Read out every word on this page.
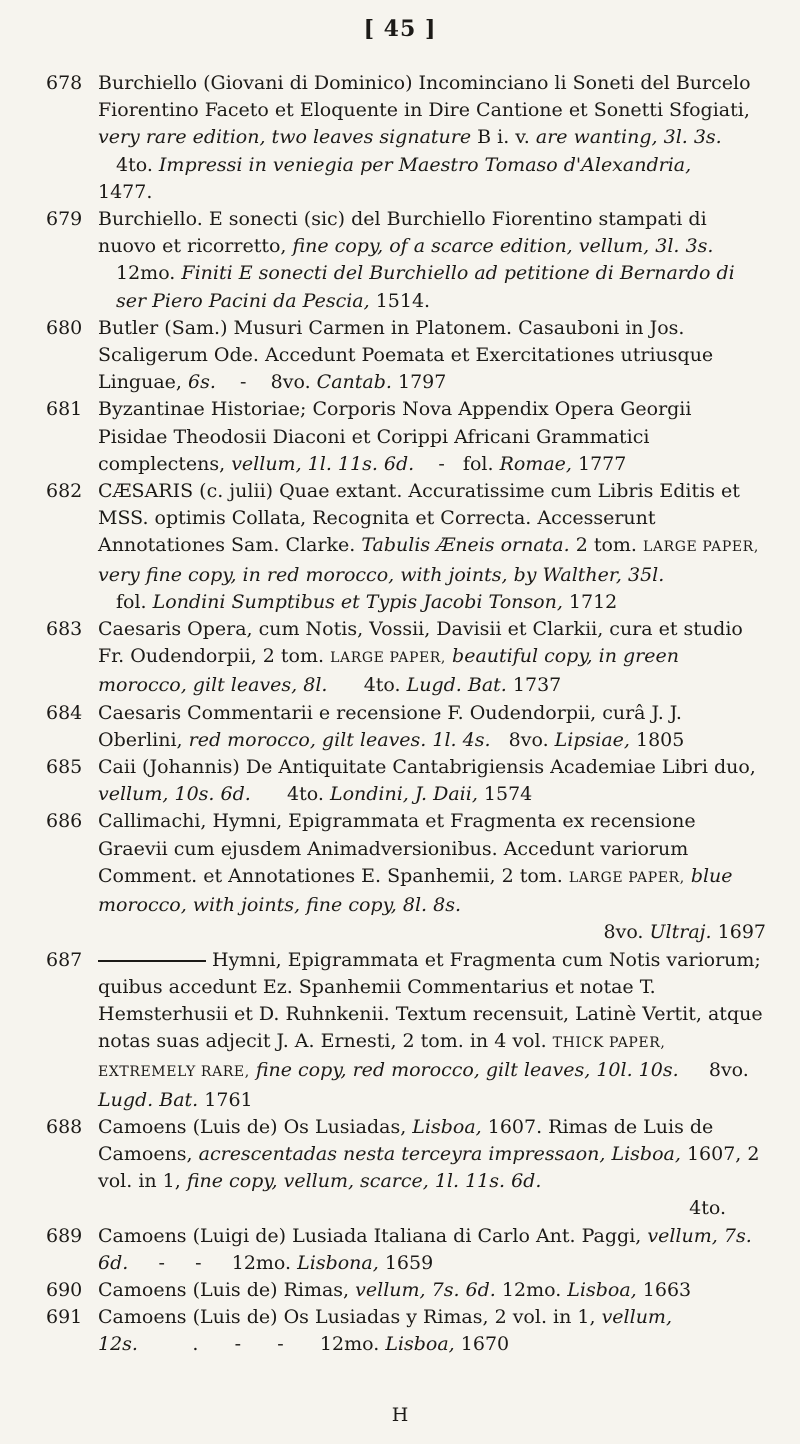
[ 45 ]
678 Burchiello (Giovani di Dominico) Incominciano li Soneti del Burcelo Fiorentino Faceto et Eloquente in Dire Cantione et Sonetti Sfogiati, very rare edition, two leaves signature B i. v. are wanting, 3l. 3s.

4to. Impressi in veniegia per Maestro Tomaso d'Alexandria,

1477.

679 Burchiello. E sonecti (sic) del Burchiello Fiorentino stampati di nuovo et ricorretto, fine copy, of a scarce edition, vellum, 3l. 3s.

12mo. Finiti E sonecti del Burchiello ad petitione di Bernardo di ser Piero Pacini da Pescia, 1514.

680 Butler (Sam.) Musuri Carmen in Platonem. Casauboni in Jos. Scaligerum Ode. Accedunt Poemata et Exercitationes utriusque Linguae, 6s.    -    8vo. Cantab. 1797

681 Byzantinae Historiae; Corporis Nova Appendix Opera Georgii Pisidae Theodosii Diaconi et Corippi Africani Grammatici complectens, vellum, 1l. 11s. 6d.    -   fol. Romae, 1777

682 CÆSARIS (c. julii) Quae extant. Accuratissime cum Libris Editis et MSS. optimis Collata, Recognita et Correcta. Accesserunt Annotationes Sam. Clarke. Tabulis Æneis ornata. 2 tom. LARGE PAPER, very fine copy, in red morocco, with joints, by Walther, 35l.

fol. Londini Sumptibus et Typis Jacobi Tonson, 1712

683 Caesaris Opera, cum Notis, Vossii, Davisii et Clarkii, cura et studio Fr. Oudendorpii, 2 tom. LARGE PAPER, beautiful copy, in green morocco, gilt leaves, 8l. 4to. Lugd. Bat. 1737

684 Caesaris Commentarii e recensione F. Oudendorpii, curâ J. J. Oberlini, red morocco, gilt leaves. 1l. 4s. 8vo. Lipsiae, 1805

685 Caii (Johannis) De Antiquitate Cantabrigiensis Academiae Libri duo, vellum, 10s. 6d. 4to. Londini, J. Daii, 1574

686 Callimachi, Hymni, Epigrammata et Fragmenta ex recensione Graevii cum ejusdem Animadversionibus. Accedunt variorum Comment. et Annotationes E. Spanhemii, 2 tom. LARGE PAPER, blue morocco, with joints, fine copy, 8l. 8s.

8vo. Ultraj. 1697

687	Hymni, Epigrammata et Fragmenta cum Notis variorum; quibus accedunt Ez. Spanhemii Commentarius et notae T. Hemsterhusii et D. Ruhnkenii. Textum recensuit, Latinè Vertit, atque notas suas adjecit J. A. Ernesti, 2 tom. in 4 vol. THICK PAPER, EXTREMELY RARE, fine copy, red morocco, gilt leaves, 10l. 10s. 8vo. Lugd. Bat. 1761

688 Camoens (Luis de) Os Lusiadas, Lisboa, 1607. Rimas de Luis de Camoens, acrescentadas nesta terceyra impressaon, Lisboa, 1607, 2 vol. in 1, fine copy, vellum, scarce, 1l. 11s. 6d.

4to.

689 Camoens (Luigi de) Lusiada Italiana di Carlo Ant. Paggi, vellum, 7s. 6d.     -     -     12mo. Lisbona, 1659

690 Camoens (Luis de) Rimas, vellum, 7s. 6d. 12mo. Lisboa, 1663

691 Camoens (Luis de) Os Lusiadas y Rimas, 2 vol. in 1, vellum,

12s.         .      -      -      12mo. Lisboa, 1670

H
